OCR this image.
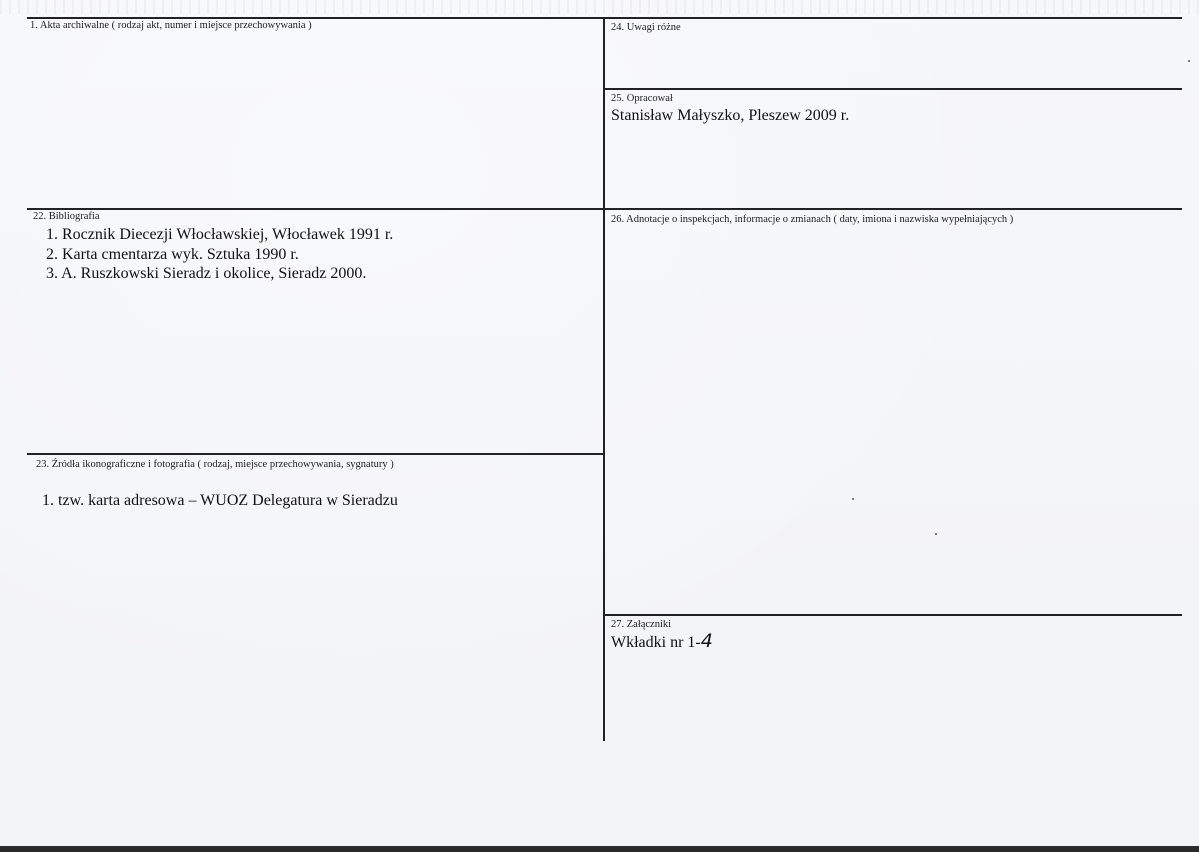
1. Akta archiwalne ( rodzaj akt, numer i miejsce przechowywania )	24. Uwagi różne
25. Opracował
Stanisław Małyszko, Pleszew 2009 r.
22. Bibliografia
1. Rocznik Diecezji Włocławskiej, Włocławek 1991 r.
2. Karta cmentarza wyk. Sztuka 1990 r.
3. A. Ruszkowski Sieradz i okolice, Sieradz 2000.
26. Adnotacje o inspekcjach, informacje o zmianach ( daty, imiona i nazwiska wypełniających )
23. Źródła ikonograficzne i fotografia ( rodzaj, miejsce przechowywania, sygnatury )
1. tzw. karta adresowa – WUOZ Delegatura w Sieradzu
27. Załączniki
Wkładki nr 1-4
